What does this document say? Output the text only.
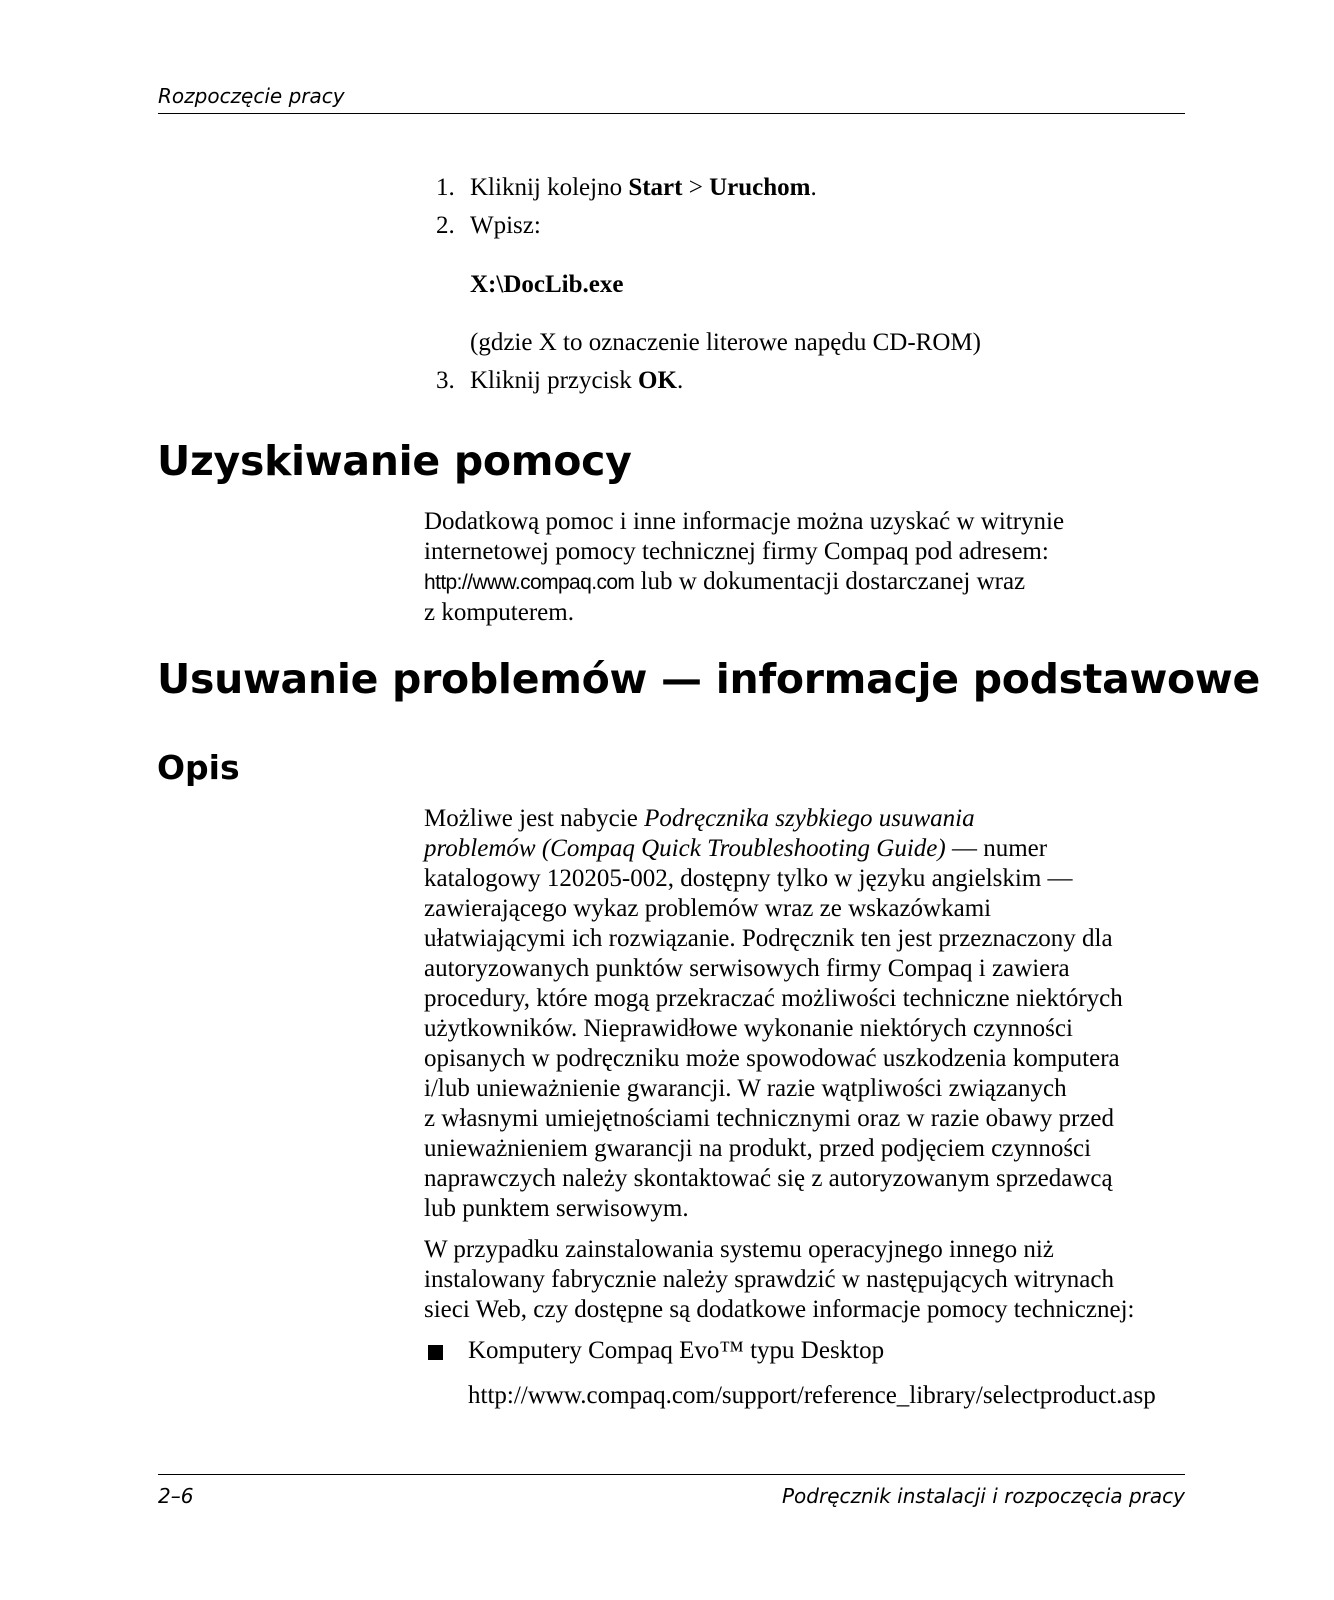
Rozpoczęcie pracy
1. Kliknij kolejno Start > Uruchom.
2. Wpisz:
X:\DocLib.exe
(gdzie X to oznaczenie literowe napędu CD-ROM)
3. Kliknij przycisk OK.
Uzyskiwanie pomocy

Dodatkową pomoc i inne informacje można uzyskać w witrynie

internetowej pomocy technicznej firmy Compaq pod adresem:

http://www.compaq.com lub w dokumentacji dostarczanej wraz

z komputerem.

Usuwanie problemów — informacje podstawowe
Opis

Możliwe jest nabycie Podręcznika szybkiego usuwania

problemów (Compaq Quick Troubleshooting Guide) — numer

katalogowy 120205-002, dostępny tylko w języku angielskim —

zawierającego wykaz problemów wraz ze wskazówkami

ułatwiającymi ich rozwiązanie. Podręcznik ten jest przeznaczony dla

autoryzowanych punktów serwisowych firmy Compaq i zawiera

procedury, które mogą przekraczać możliwości techniczne niektórych

użytkowników. Nieprawidłowe wykonanie niektórych czynności

opisanych w podręczniku może spowodować uszkodzenia komputera

i/lub unieważnienie gwarancji. W razie wątpliwości związanych

z własnymi umiejętnościami technicznymi oraz w razie obawy przed

unieważnieniem gwarancji na produkt, przed podjęciem czynności

naprawczych należy skontaktować się z autoryzowanym sprzedawcą

lub punktem serwisowym.

W przypadku zainstalowania systemu operacyjnego innego niż

instalowany fabrycznie należy sprawdzić w następujących witrynach

sieci Web, czy dostępne są dodatkowe informacje pomocy technicznej:

Komputery Compaq Evo™ typu Desktop
http://www.compaq.com/support/reference_library/selectproduct.asp
2–6	Podręcznik instalacji i rozpoczęcia pracy
